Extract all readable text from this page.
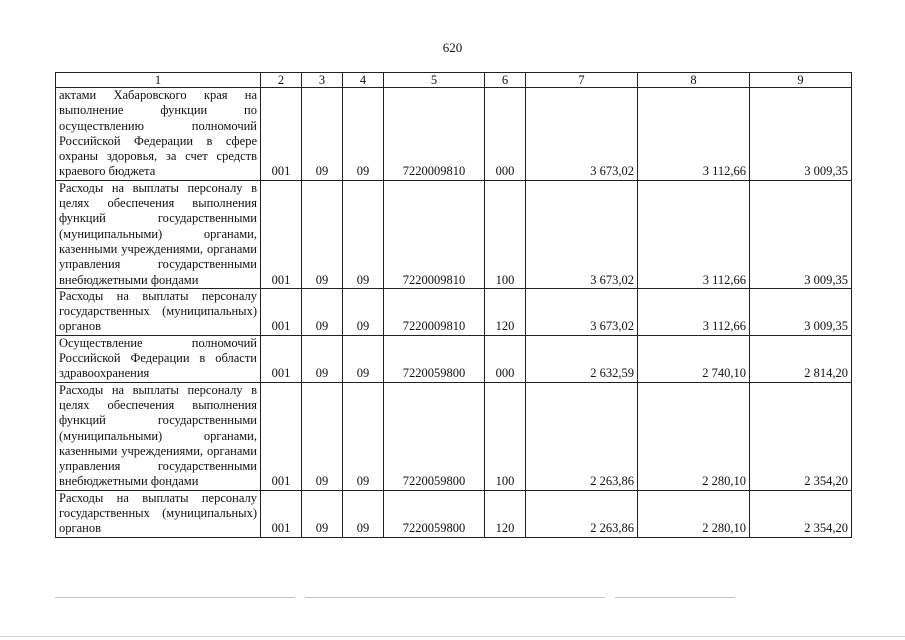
620
1	2	3	4	5	6	7	8	9
актами Хабаровского края на выполнение функции по осуществлению полномочий Российской Федерации в сфере охраны здоровья, за счет средств краевого бюджета	001	09	09	7220009810	000	3 673,02	3 112,66	3 009,35
Расходы на выплаты персоналу в целях обеспечения выполнения функций государственными (муниципальными) органами, казенными учреждениями, органами управления государственными внебюджетными фондами	001	09	09	7220009810	100	3 673,02	3 112,66	3 009,35
Расходы на выплаты персоналу государственных (муниципальных) органов	001	09	09	7220009810	120	3 673,02	3 112,66	3 009,35
Осуществление полномочий Российской Федерации в области здравоохранения	001	09	09	7220059800	000	2 632,59	2 740,10	2 814,20
Расходы на выплаты персоналу в целях обеспечения выполнения функций государственными (муниципальными) органами, казенными учреждениями, органами управления государственными внебюджетными фондами	001	09	09	7220059800	100	2 263,86	2 280,10	2 354,20
Расходы на выплаты персоналу государственных (муниципальных) органов	001	09	09	7220059800	120	2 263,86	2 280,10	2 354,20
